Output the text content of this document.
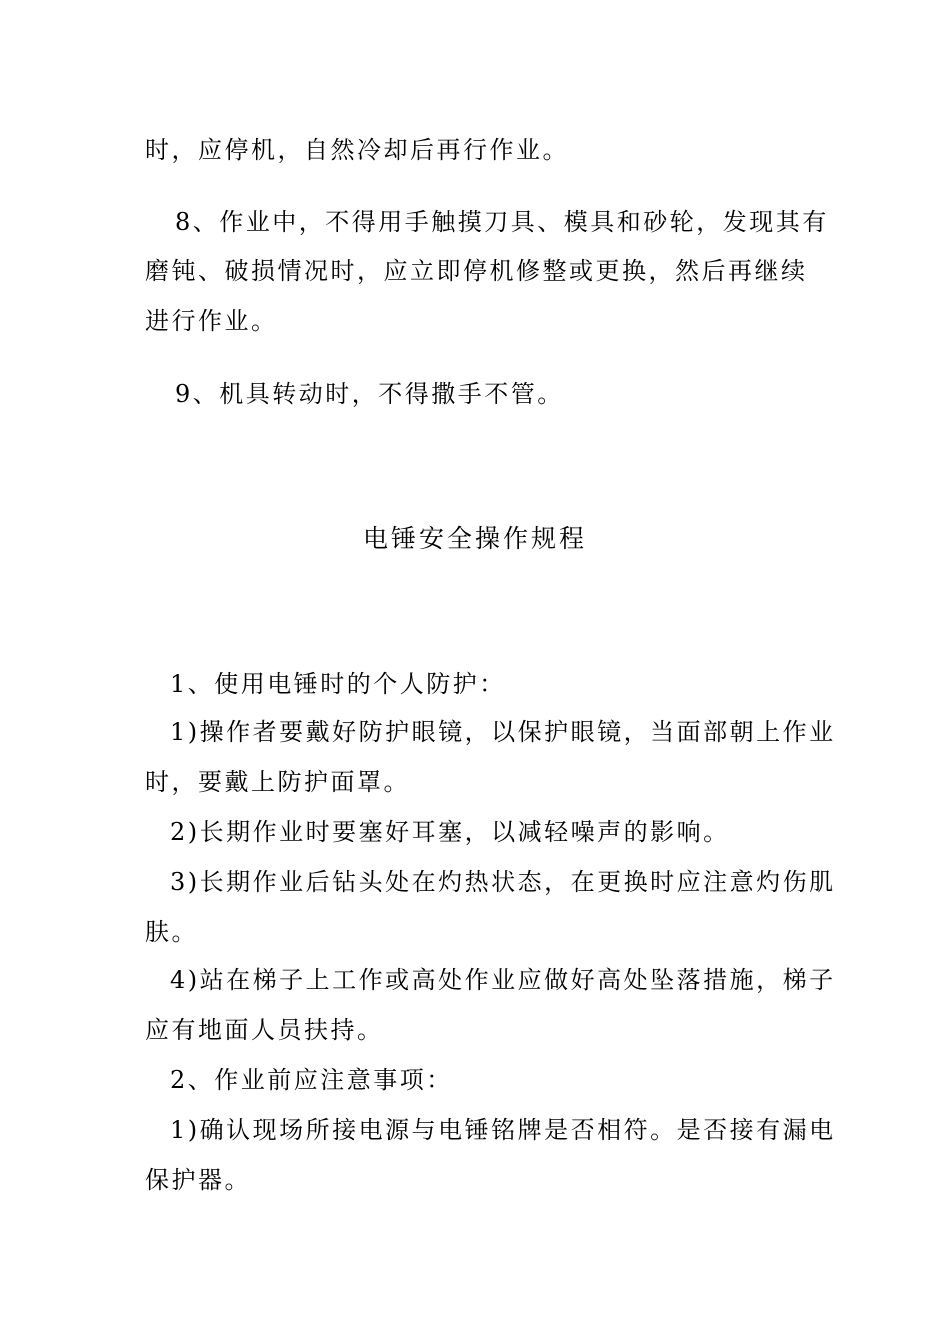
时，应停机，自然冷却后再行作业。
8、作业中，不得用手触摸刀具、模具和砂轮，发现其有
磨钝、破损情况时，应立即停机修整或更换，然后再继续
进行作业。
9、机具转动时，不得撒手不管。
电锤安全操作规程
1、使用电锤时的个人防护：
1)操作者要戴好防护眼镜，以保护眼镜，当面部朝上作业
时，要戴上防护面罩。
2)长期作业时要塞好耳塞，以减轻噪声的影响。
3)长期作业后钻头处在灼热状态，在更换时应注意灼伤肌
肤。
4)站在梯子上工作或高处作业应做好高处坠落措施，梯子
应有地面人员扶持。
2、作业前应注意事项：
1)确认现场所接电源与电锤铭牌是否相符。是否接有漏电
保护器。
